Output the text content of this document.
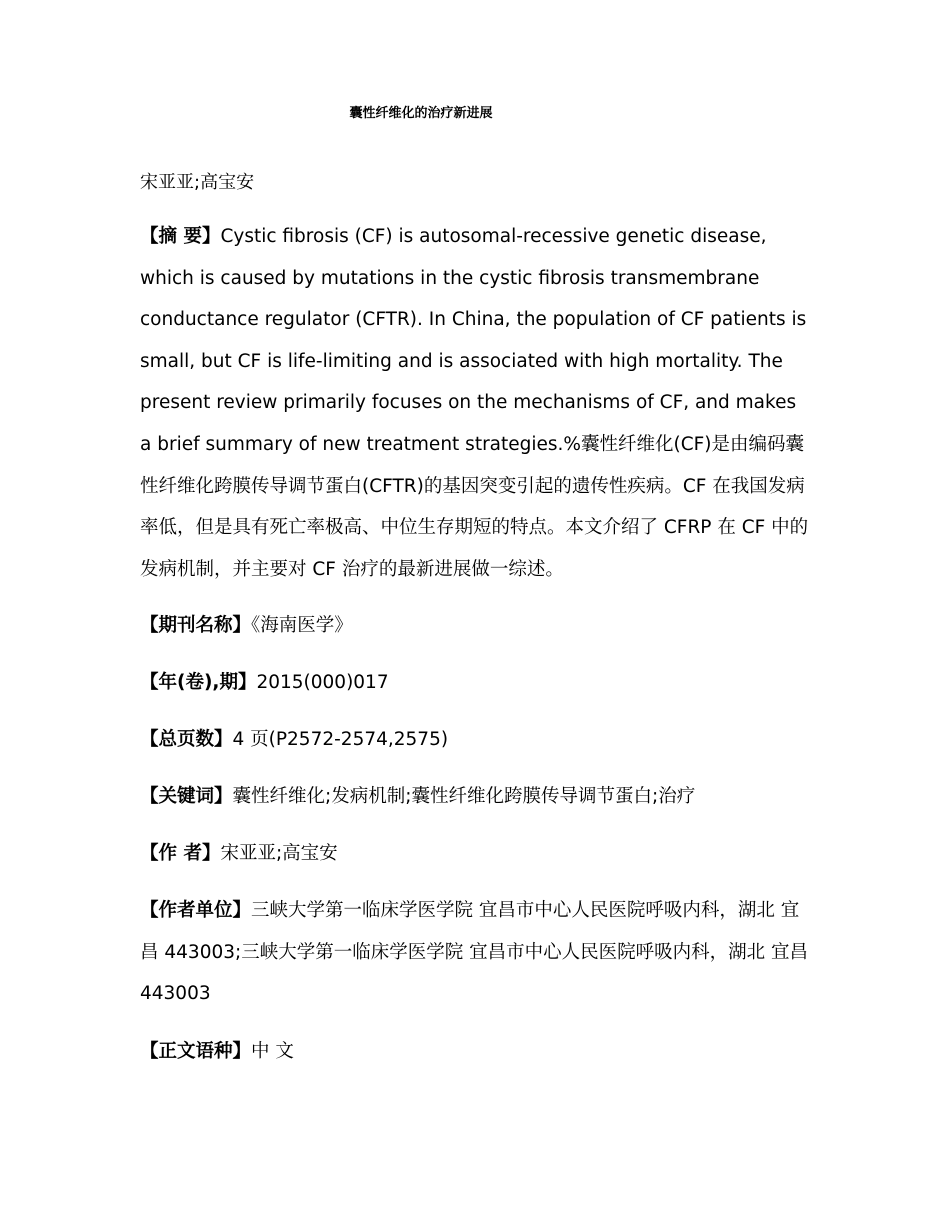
囊性纤维化的治疗新进展
宋亚亚;高宝安
【摘 要】Cystic fibrosis (CF) is autosomal-recessive genetic disease, which is caused by mutations in the cystic fibrosis transmembrane conductance regulator (CFTR). In China, the population of CF patients is small, but CF is life-limiting and is associated with high mortality. The present review primarily focuses on the mechanisms of CF, and makes a brief summary of new treatment strategies.%囊性纤维化(CF)是由编码囊性纤维化跨膜传导调节蛋白(CFTR)的基因突变引起的遗传性疾病。CF 在我国发病率低，但是具有死亡率极高、中位生存期短的特点。本文介绍了 CFRP 在 CF 中的发病机制，并主要对 CF 治疗的最新进展做一综述。
【期刊名称】《海南医学》
【年(卷),期】2015(000)017
【总页数】4 页(P2572-2574,2575)
【关键词】囊性纤维化;发病机制;囊性纤维化跨膜传导调节蛋白;治疗
【作 者】宋亚亚;高宝安
【作者单位】三峡大学第一临床学医学院 宜昌市中心人民医院呼吸内科，湖北 宜昌 443003;三峡大学第一临床学医学院 宜昌市中心人民医院呼吸内科，湖北 宜昌 443003
【正文语种】中 文
